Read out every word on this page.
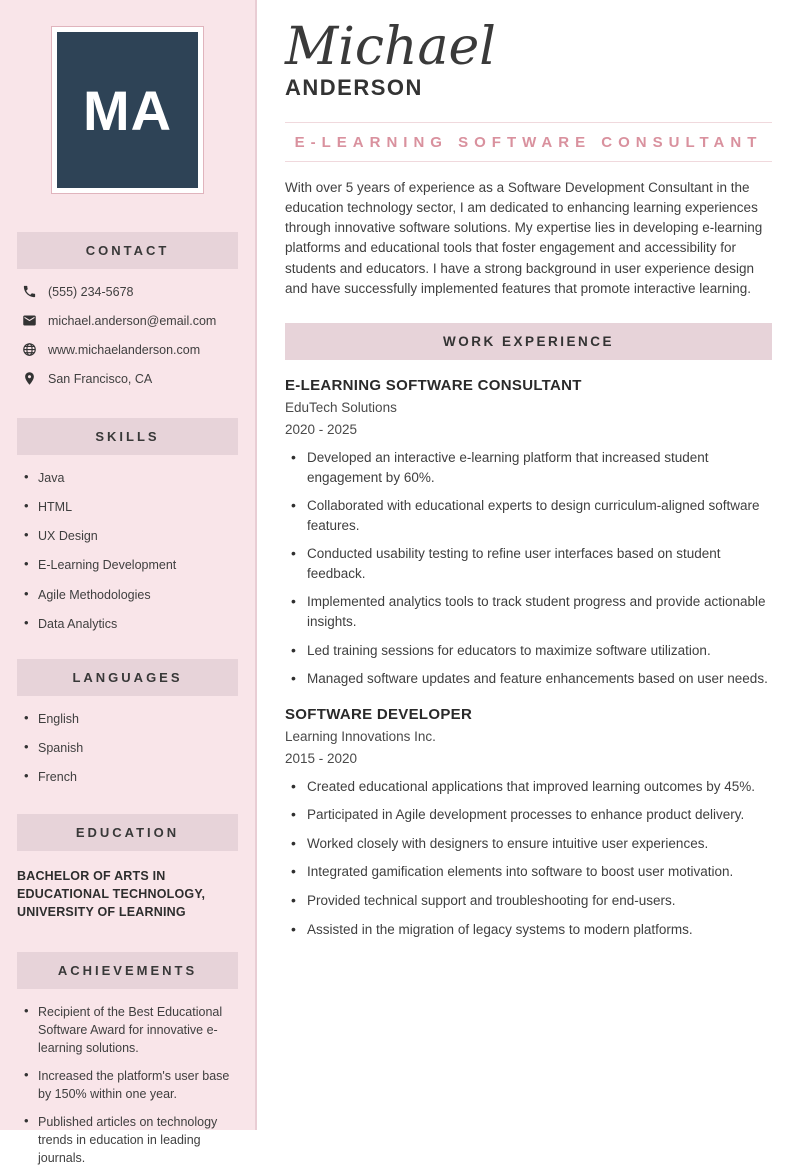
MA
CONTACT
(555) 234-5678
michael.anderson@email.com
www.michaelanderson.com
San Francisco, CA
SKILLS
• Java
• HTML
• UX Design
• E-Learning Development
• Agile Methodologies
• Data Analytics
LANGUAGES
• English
• Spanish
• French
EDUCATION
BACHELOR OF ARTS IN EDUCATIONAL TECHNOLOGY, UNIVERSITY OF LEARNING
ACHIEVEMENTS
• Recipient of the Best Educational Software Award for innovative e-learning solutions.
• Increased the platform's user base by 150% within one year.
• Published articles on technology trends in education in leading journals.
Michael
ANDERSON
E-LEARNING SOFTWARE CONSULTANT

With over 5 years of experience as a Software Development Consultant in the education technology sector, I am dedicated to enhancing learning experiences through innovative software solutions. My expertise lies in developing e-learning platforms and educational tools that foster engagement and accessibility for students and educators. I have a strong background in user experience design and have successfully implemented features that promote interactive learning.

WORK EXPERIENCE
E-LEARNING SOFTWARE CONSULTANT
EduTech Solutions
2020 - 2025
• Developed an interactive e-learning platform that increased student engagement by 60%.
• Collaborated with educational experts to design curriculum-aligned software features.
• Conducted usability testing to refine user interfaces based on student feedback.
• Implemented analytics tools to track student progress and provide actionable insights.
• Led training sessions for educators to maximize software utilization.
• Managed software updates and feature enhancements based on user needs.
SOFTWARE DEVELOPER
Learning Innovations Inc.
2015 - 2020
• Created educational applications that improved learning outcomes by 45%.
• Participated in Agile development processes to enhance product delivery.
• Worked closely with designers to ensure intuitive user experiences.
• Integrated gamification elements into software to boost user motivation.
• Provided technical support and troubleshooting for end-users.
• Assisted in the migration of legacy systems to modern platforms.
